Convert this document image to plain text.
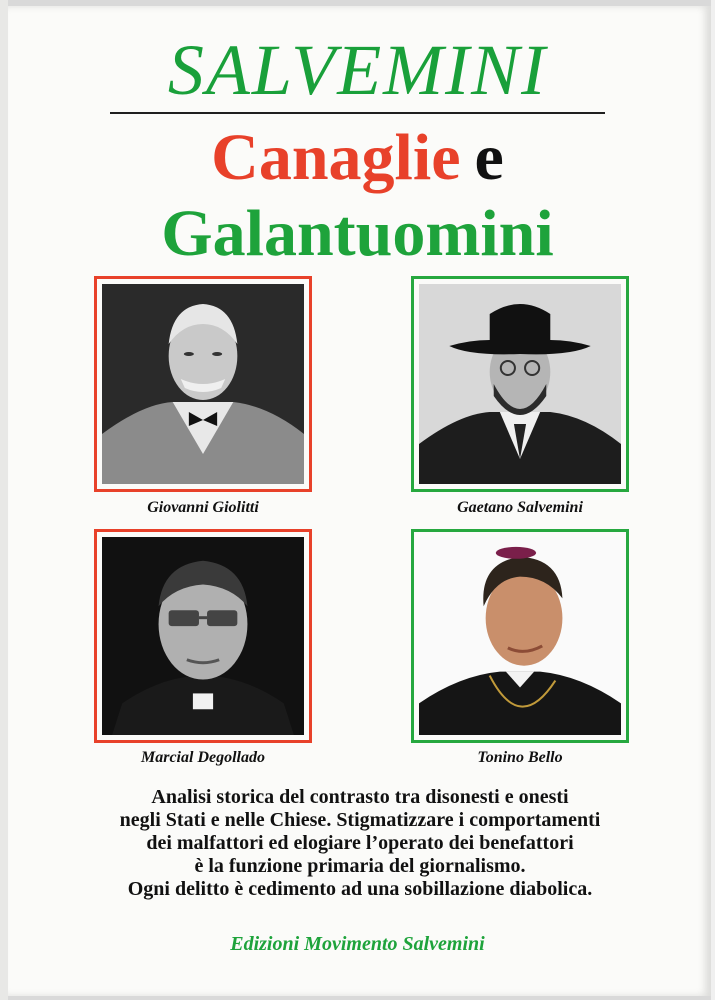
SALVEMINI
Canaglie e
Galantuomini
Giovanni Giolitti	Gaetano Salvemini
Marcial Degollado	Tonino Bello
Analisi storica del contrasto tra disonesti e onesti
negli Stati e nelle Chiese. Stigmatizzare i comportamenti
dei malfattori ed elogiare l’operato dei benefattori
è la funzione primaria del giornalismo.
Ogni delitto è cedimento ad una sobillazione diabolica.
Edizioni Movimento Salvemini
